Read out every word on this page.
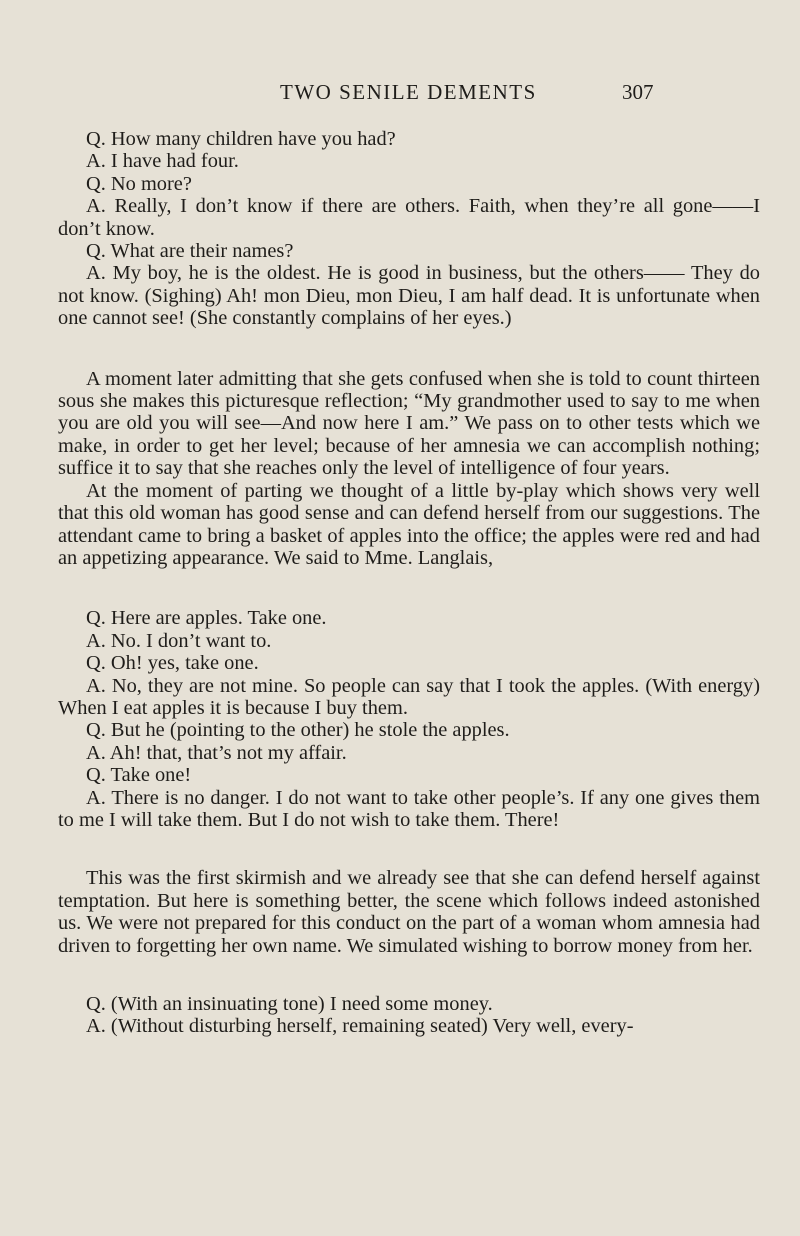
TWO SENILE DEMENTS	307

Q. How many children have you had?

A. I have had four.

Q. No more?

A. Really, I don’t know if there are others. Faith, when they’re all gone——I don’t know.

Q. What are their names?

A. My boy, he is the oldest. He is good in business, but the others—— They do not know. (Sighing) Ah! mon Dieu, mon Dieu, I am half dead. It is unfortunate when one cannot see! (She constantly complains of her eyes.)

A moment later admitting that she gets confused when she is told to count thirteen sous she makes this picturesque reflection; “My grandmother used to say to me when you are old you will see—And now here I am.” We pass on to other tests which we make, in order to get her level; because of her amnesia we can accomplish nothing; suffice it to say that she reaches only the level of intelligence of four years.

At the moment of parting we thought of a little by-play which shows very well that this old woman has good sense and can defend herself from our suggestions. The attendant came to bring a basket of apples into the office; the apples were red and had an appetizing appearance. We said to Mme. Langlais,

Q. Here are apples. Take one.

A. No. I don’t want to.

Q. Oh! yes, take one.

A. No, they are not mine. So people can say that I took the apples. (With energy) When I eat apples it is because I buy them.

Q. But he (pointing to the other) he stole the apples.

A. Ah! that, that’s not my affair.

Q. Take one!

A. There is no danger. I do not want to take other people’s. If any one gives them to me I will take them. But I do not wish to take them. There!

This was the first skirmish and we already see that she can defend herself against temptation. But here is something better, the scene which follows indeed astonished us. We were not prepared for this conduct on the part of a woman whom amnesia had driven to forgetting her own name. We simulated wishing to borrow money from her.

Q. (With an insinuating tone) I need some money.

A. (Without disturbing herself, remaining seated) Very well, every-
